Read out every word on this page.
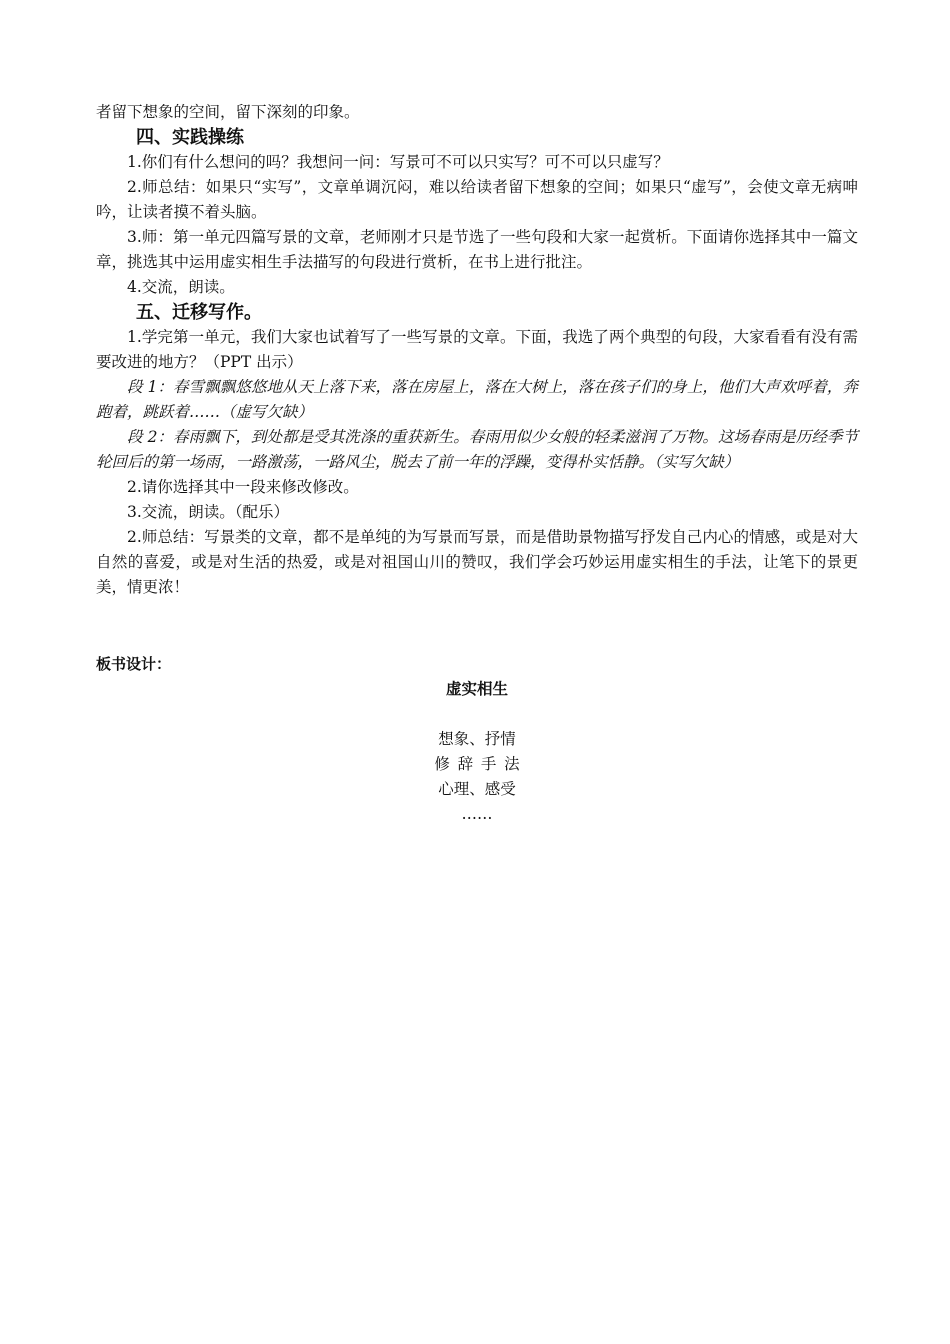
者留下想象的空间，留下深刻的印象。

四、实践操练

1.你们有什么想问的吗？我想问一问：写景可不可以只实写？可不可以只虚写？

2.师总结：如果只“实写”，文章单调沉闷，难以给读者留下想象的空间；如果只“虚写”，会使文章无病呻吟，让读者摸不着头脑。

3.师：第一单元四篇写景的文章，老师刚才只是节选了一些句段和大家一起赏析。下面请你选择其中一篇文章，挑选其中运用虚实相生手法描写的句段进行赏析，在书上进行批注。

4.交流，朗读。

五、迁移写作。

1.学完第一单元，我们大家也试着写了一些写景的文章。下面，我选了两个典型的句段，大家看看有没有需要改进的地方？（PPT 出示）

段 1：春雪飘飘悠悠地从天上落下来，落在房屋上，落在大树上，落在孩子们的身上，他们大声欢呼着，奔跑着，跳跃着……（虚写欠缺）

段 2：春雨飘下，到处都是受其洗涤的重获新生。春雨用似少女般的轻柔滋润了万物。这场春雨是历经季节轮回后的第一场雨，一路激荡，一路风尘，脱去了前一年的浮躁，变得朴实恬静。（实写欠缺）

2.请你选择其中一段来修改修改。

3.交流，朗读。（配乐）

2.师总结：写景类的文章，都不是单纯的为写景而写景，而是借助景物描写抒发自己内心的情感，或是对大自然的喜爱，或是对生活的热爱，或是对祖国山川的赞叹，我们学会巧妙运用虚实相生的手法，让笔下的景更美，情更浓！

板书设计：
虚实相生
想象、抒情
修辞手法
心理、感受
……
